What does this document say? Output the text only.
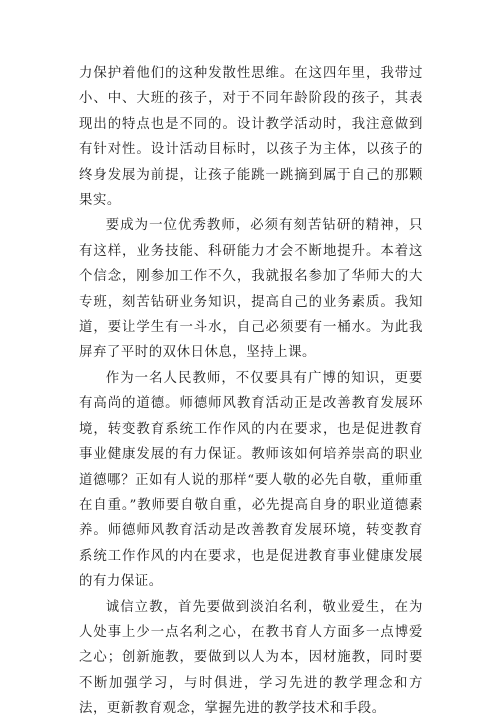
力保护着他们的这种发散性思维。在这四年里，我带过小、中、大班的孩子，对于不同年龄阶段的孩子，其表现出的特点也是不同的。设计教学活动时，我注意做到有针对性。设计活动目标时，以孩子为主体，以孩子的终身发展为前提，让孩子能跳一跳摘到属于自己的那颗果实。

要成为一位优秀教师，必须有刻苦钻研的精神，只有这样，业务技能、科研能力才会不断地提升。本着这个信念，刚参加工作不久，我就报名参加了华师大的大专班，刻苦钻研业务知识，提高自己的业务素质。我知道，要让学生有一斗水，自己必须要有一桶水。为此我屏弃了平时的双休日休息，坚持上课。

作为一名人民教师，不仅要具有广博的知识，更要有高尚的道德。师德师风教育活动正是改善教育发展环境，转变教育系统工作作风的内在要求，也是促进教育事业健康发展的有力保证。教师该如何培养崇高的职业道德哪？正如有人说的那样“要人敬的必先自敬，重师重在自重。”教师要自敬自重，必先提高自身的职业道德素养。师德师风教育活动是改善教育发展环境，转变教育系统工作作风的内在要求，也是促进教育事业健康发展的有力保证。

诚信立教，首先要做到淡泊名利，敬业爱生，在为人处事上少一点名利之心，在教书育人方面多一点博爱之心；创新施教，要做到以人为本，因材施教，同时要不断加强学习，与时俱进，学习先进的教学理念和方法，更新教育观念，掌握先进的教学技术和手段。
